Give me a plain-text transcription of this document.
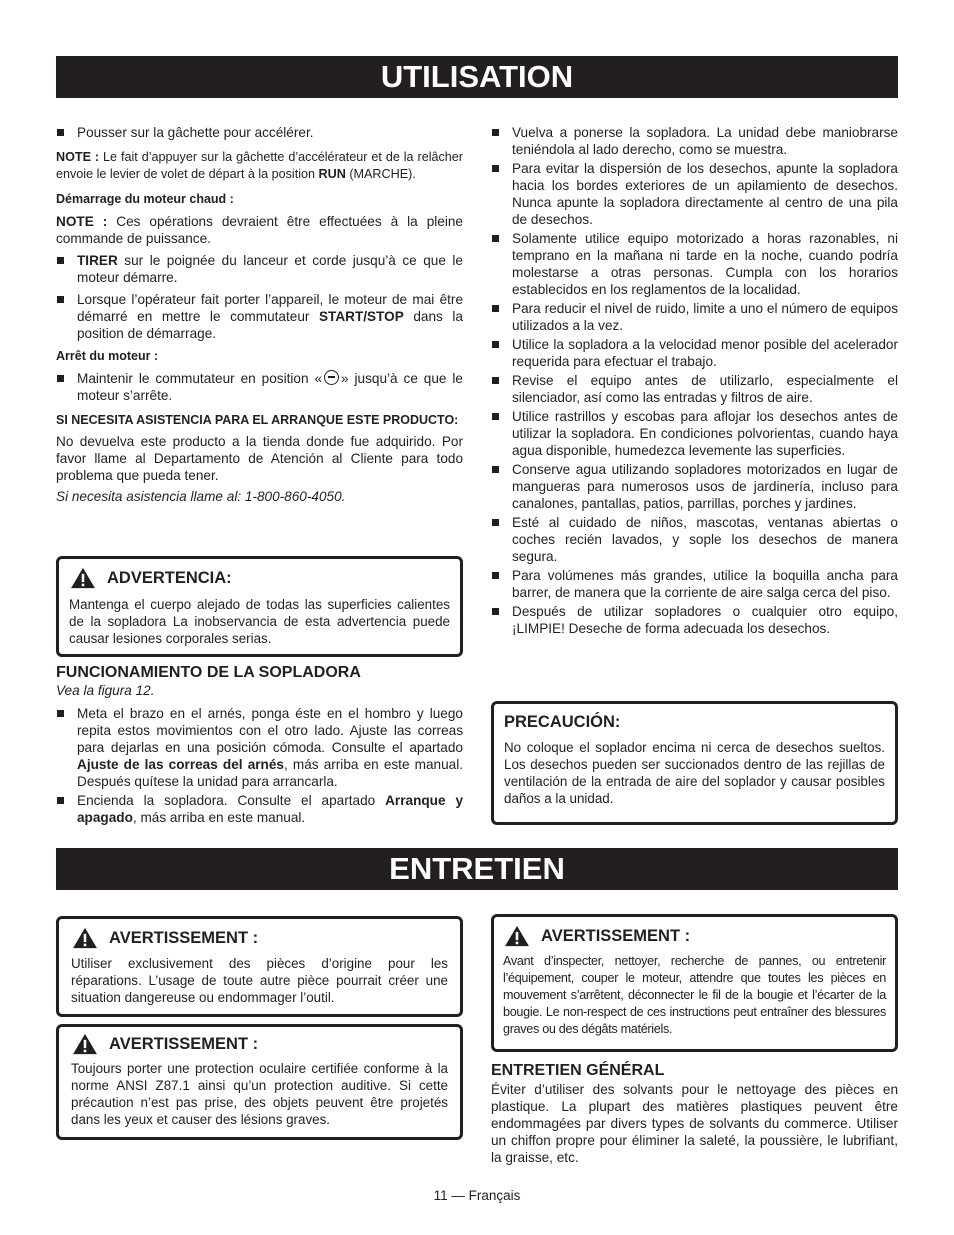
UTILISATION

Pousser sur la gâchette pour accélérer.

NOTE : Le fait d’appuyer sur la gâchette d’accélérateur et de la relâcher envoie le levier de volet de départ à la position RUN (MARCHE).

Démarrage du moteur chaud :

NOTE : Ces opérations devraient être effectuées à la pleine commande de puissance.

TIRER sur le poignée du lanceur et corde jusqu’à ce que le moteur démarre.

Lorsque l’opérateur fait porter l’appareil, le moteur de mai être démarré en mettre le commutateur START/STOP dans la position de démarrage.

Arrêt du moteur :

Maintenir le commutateur en position « » jusqu’à ce que le moteur s’arrête.

SI NECESITA ASISTENCIA PARA EL ARRANQUE ESTE PRODUCTO:

No devuelva este producto a la tienda donde fue adquirido. Por favor llame al Departamento de Atención al Cliente para todo problema que pueda tener.

Si necesita asistencia llame al: 1-800-860-4050.

ADVERTENCIA:

Mantenga el cuerpo alejado de todas las superficies calientes de la sopladora La inobservancia de esta advertencia puede causar lesiones corporales serias.

FUNCIONAMIENTO DE LA SOPLADORA

Vea la figura 12.

Meta el brazo en el arnés, ponga éste en el hombro y luego repita estos movimientos con el otro lado. Ajuste las correas para dejarlas en una posición cómoda. Consulte el apartado Ajuste de las correas del arnés, más arriba en este manual. Después quítese la unidad para arrancarla.

Encienda la sopladora. Consulte el apartado Arranque y apagado, más arriba en este manual.

Vuelva a ponerse la sopladora. La unidad debe maniobrarse teniéndola al lado derecho, como se muestra.

Para evitar la dispersión de los desechos, apunte la sopladora hacia los bordes exteriores de un apilamiento de desechos. Nunca apunte la sopladora directamente al centro de una pila de desechos.

Solamente utilice equipo motorizado a horas razonables, ni temprano en la mañana ni tarde en la noche, cuando podría molestarse a otras personas. Cumpla con los horarios establecidos en los reglamentos de la localidad.

Para reducir el nivel de ruido, limite a uno el número de equipos utilizados a la vez.

Utilice la sopladora a la velocidad menor posible del acelerador requerida para efectuar el trabajo.

Revise el equipo antes de utilizarlo, especialmente el silenciador, así como las entradas y filtros de aire.

Utilice rastrillos y escobas para aflojar los desechos antes de utilizar la sopladora. En condiciones polvorientas, cuando haya agua disponible, humedezca levemente las superficies.

Conserve agua utilizando sopladores motorizados en lugar de mangueras para numerosos usos de jardinería, incluso para canalones, pantallas, patios, parrillas, porches y jardines.

Esté al cuidado de niños, mascotas, ventanas abiertas o coches recién lavados, y sople los desechos de manera segura.

Para volúmenes más grandes, utilice la boquilla ancha para barrer, de manera que la corriente de aire salga cerca del piso.

Después de utilizar sopladores o cualquier otro equipo, ¡LIMPIE! Deseche de forma adecuada los desechos.

PRECAUCIÓN:

No coloque el soplador encima ni cerca de desechos sueltos. Los desechos pueden ser succionados dentro de las rejillas de ventilación de la entrada de aire del soplador y causar posibles daños a la unidad.

ENTRETIEN
AVERTISSEMENT :

Utiliser exclusivement des pièces d’origine pour les réparations. L’usage de toute autre pièce pourrait créer une situation dangereuse ou endommager l’outil.

AVERTISSEMENT :

Toujours porter une protection oculaire certifiée conforme à la norme ANSI Z87.1 ainsi qu’un protection auditive. Si cette précaution n’est pas prise, des objets peuvent être projetés dans les yeux et causer des lésions graves.

AVERTISSEMENT :

Avant d’inspecter, nettoyer, recherche de pannes, ou entretenir l’équipement, couper le moteur, attendre que toutes les pièces en mouvement s’arrêtent, déconnecter le fil de la bougie et l’écarter de la bougie. Le non-respect de ces instructions peut entraîner des blessures graves ou des dégâts matériels.

ENTRETIEN GÉNÉRAL

Éviter d’utiliser des solvants pour le nettoyage des pièces en plastique. La plupart des matières plastiques peuvent être endommagées par divers types de solvants du commerce. Utiliser un chiffon propre pour éliminer la saleté, la poussière, le lubrifiant, la graisse, etc.

11 — Français
